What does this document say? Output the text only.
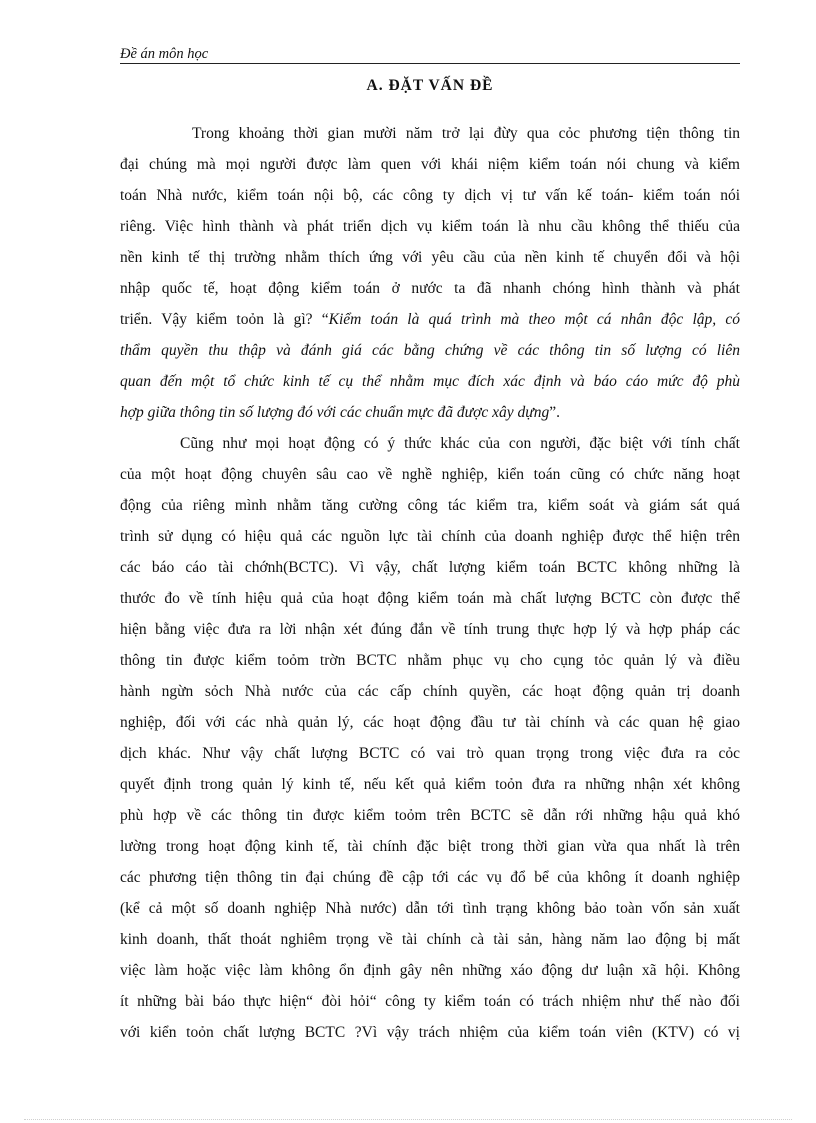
Đề án môn học
A. ĐẶT VẤN ĐỀ
Trong khoảng thời gian mười năm trở lại đừy qua cỏc phương tiện thông tin
đại chúng mà mọi người được làm quen với khái niệm kiểm toán nói chung và kiểm
toán Nhà nước, kiểm toán nội bộ, các công ty dịch vị tư vấn kế toán- kiểm toán nói
riêng. Việc hình thành và phát triển dịch vụ kiểm toán là nhu cầu không thể thiếu của
nền kinh tế thị trường nhằm thích ứng với yêu cầu của nền kinh tế chuyển đổi và hội
nhập quốc tế, hoạt động kiểm toán ở nước ta đã nhanh chóng hình thành và phát
triển. Vậy kiểm toỏn là gì? “Kiểm toán là quá trình mà theo một cá nhân độc lập, có
thẩm quyền thu thập và đánh giá các bằng chứng về các thông tin số lượng có liên
quan đến một tổ chức kinh tế cụ thể nhằm mục đích xác định và báo cáo mức độ phù
hợp giữa thông tin số lượng đó với các chuẩn mực đã được xây dựng”.
Cũng như mọi hoạt động có ý thức khác của con người, đặc biệt với tính chất
của một hoạt động chuyên sâu cao về nghề nghiệp, kiển toán cũng có chức năng hoạt
động của riêng mình nhằm tăng cường công tác kiểm tra, kiểm soát và giám sát quá
trình sử dụng có hiệu quả các nguồn lực tài chính của doanh nghiệp được thể hiện trên
các báo cáo tài chớnh(BCTC). Vì vậy, chất lượng kiểm toán BCTC không những là
thước đo về tính hiệu quả của hoạt động kiểm toán mà chất lượng BCTC còn được thể
hiện bằng việc đưa ra lời nhận xét đúng đắn về tính trung thực hợp lý và hợp pháp các
thông tin được kiểm toỏm trờn BCTC nhằm phục vụ cho cụng tỏc quản lý và điều
hành ngừn sỏch Nhà nước của các cấp chính quyền, các hoạt động quản trị doanh
nghiệp, đối với các nhà quản lý, các hoạt động đầu tư tài chính và các quan hệ giao
dịch khác. Như vậy chất lượng BCTC có vai trò quan trọng trong việc đưa ra cỏc
quyết định trong quản lý kinh tế, nếu kết quả kiểm toỏn đưa ra những nhận xét không
phù hợp về các thông tin được kiểm toỏm trên BCTC sẽ dẫn rới những hậu quả khó
lường trong hoạt động kinh tế, tài chính đặc biệt trong thời gian vừa qua nhất là trên
các phương tiện thông tin đại chúng đề cập tới các vụ đổ bể của không ít doanh nghiệp
(kể cả một số doanh nghiệp Nhà nước) dẫn tới tình trạng không bảo toàn vốn sản xuất
kinh doanh, thất thoát nghiêm trọng về tài chính cà tài sản, hàng năm lao động bị mất
việc làm hoặc việc làm không ổn định gây nên những xáo động dư luận xã hội. Không
ít những bài báo thực hiện“ đòi hỏi“ công ty kiểm toán có trách nhiệm như thế nào đối
với kiển toỏn chất lượng BCTC ?Vì vậy trách nhiệm của kiểm toán viên (KTV) có vị
